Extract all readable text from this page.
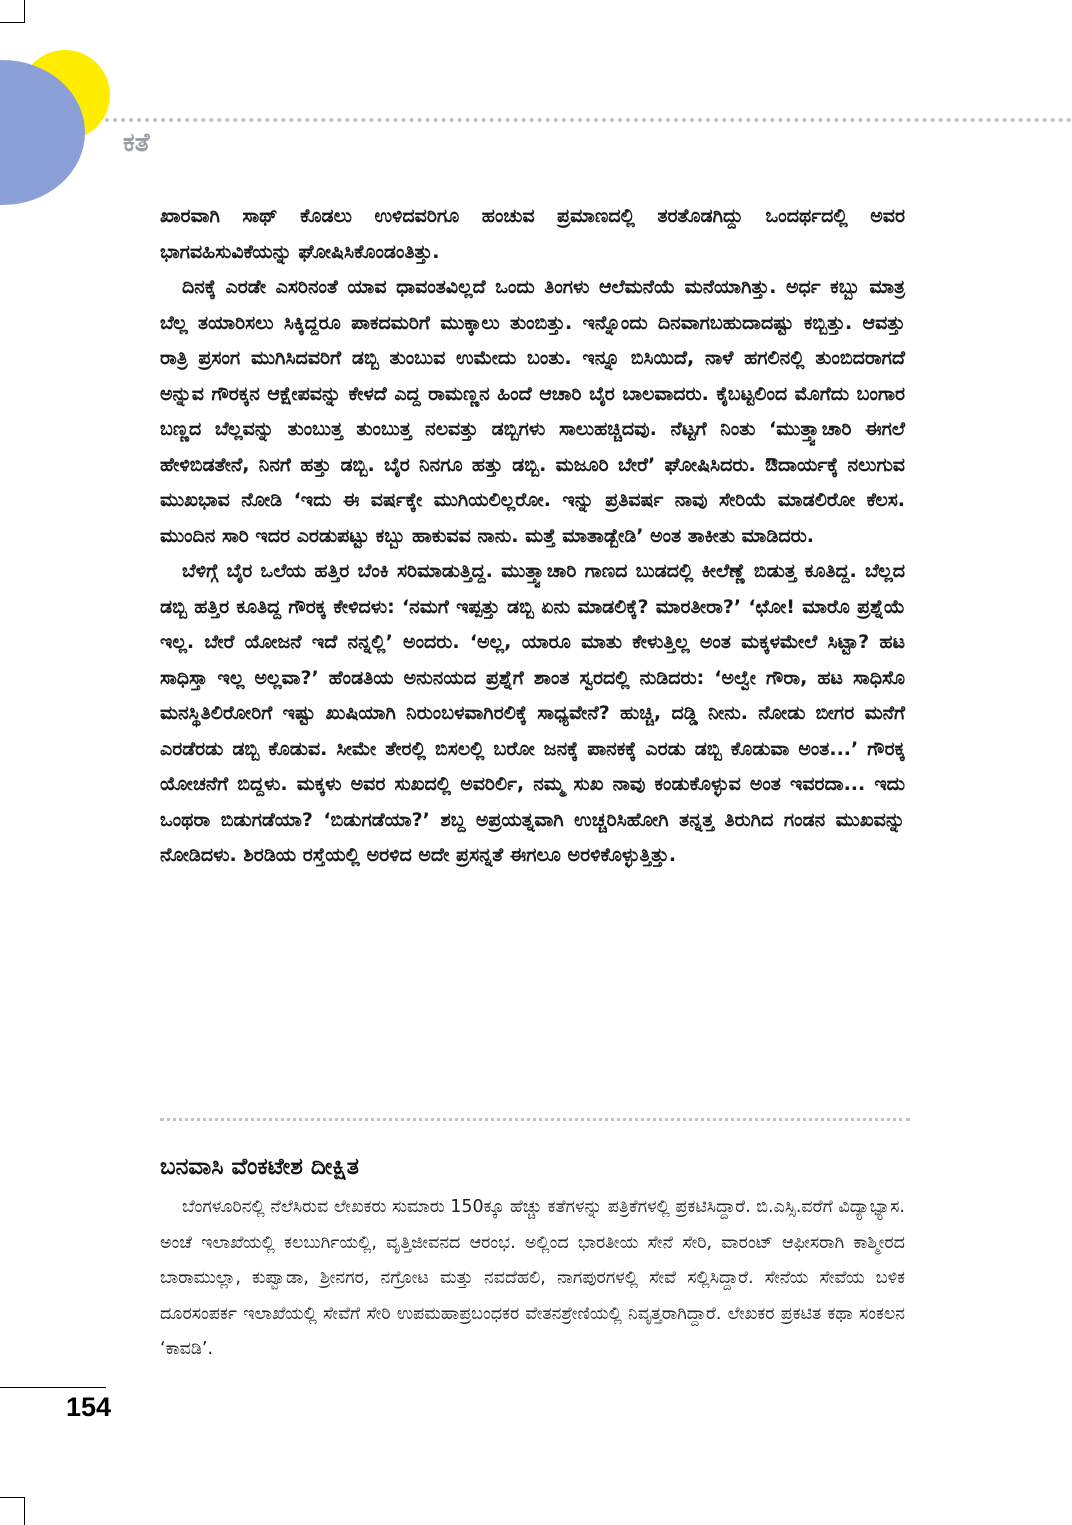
ಕತೆ

ಖಾರವಾಗಿ ಸಾಥ್ ಕೊಡಲು ಉಳಿದವರಿಗೂ ಹಂಚುವ ಪ್ರಮಾಣದಲ್ಲಿ ತರತೊಡಗಿದ್ದು ಒಂದರ್ಥದಲ್ಲಿ ಅವರ ಭಾಗವಹಿಸುವಿಕೆಯನ್ನು ಘೋಷಿಸಿಕೊಂಡಂತಿತ್ತು.

ದಿನಕ್ಕೆ ಎರಡೇ ಎಸರಿನಂತೆ ಯಾವ ಧಾವಂತವಿಲ್ಲದೆ ಒಂದು ತಿಂಗಳು ಆಲೆಮನೆಯೆ ಮನೆಯಾಗಿತ್ತು. ಅರ್ಧ ಕಬ್ಬು ಮಾತ್ರ ಬೆಲ್ಲ ತಯಾರಿಸಲು ಸಿಕ್ಕಿದ್ದರೂ ಪಾಕದಮರಿಗೆ ಮುಕ್ಕಾಲು ತುಂಬಿತ್ತು. ಇನ್ನೊಂದು ದಿನವಾಗಬಹುದಾದಷ್ಟು ಕಬ್ಬಿತ್ತು. ಆವತ್ತು ರಾತ್ರಿ ಪ್ರಸಂಗ ಮುಗಿಸಿದವರಿಗೆ ಡಬ್ಬಿ ತುಂಬುವ ಉಮೇದು ಬಂತು. ಇನ್ನೂ ಬಿಸಿಯಿದೆ, ನಾಳೆ ಹಗಲಿನಲ್ಲಿ ತುಂಬಿದರಾಗದೆ ಅನ್ನುವ ಗೌರಕ್ಕನ ಆಕ್ಷೇಪವನ್ನು ಕೇಳದೆ ಎದ್ದ ರಾಮಣ್ಣನ ಹಿಂದೆ ಆಚಾರಿ ಬೈರ ಬಾಲವಾದರು. ಕೈಬಟ್ಟಲಿಂದ ಮೊಗೆದು ಬಂಗಾರ ಬಣ್ಣದ ಬೆಲ್ಲವನ್ನು ತುಂಬುತ್ತ ತುಂಬುತ್ತ ನಲವತ್ತು ಡಬ್ಬಿಗಳು ಸಾಲುಹಚ್ಚಿದವು. ನೆಟ್ಟಗೆ ನಿಂತು ‘ಮುತ್ತ್ವಾಚಾರಿ ಈಗಲೆ ಹೇಳಿಬಿಡತೇನೆ, ನಿನಗೆ ಹತ್ತು ಡಬ್ಬಿ. ಬೈರ ನಿನಗೂ ಹತ್ತು ಡಬ್ಬಿ. ಮಜೂರಿ ಬೇರೆ’ ಘೋಷಿಸಿದರು. ಔದಾರ್ಯಕ್ಕೆ ನಲುಗುವ ಮುಖಭಾವ ನೋಡಿ ‘ಇದು ಈ ವರ್ಷಕ್ಕೇ ಮುಗಿಯಲಿಲ್ಲರೋ. ಇನ್ನು ಪ್ರತಿವರ್ಷ ನಾವು ಸೇರಿಯೆ ಮಾಡಲಿರೋ ಕೆಲಸ. ಮುಂದಿನ ಸಾರಿ ಇದರ ಎರಡುಪಟ್ಟು ಕಬ್ಬು ಹಾಕುವವ ನಾನು. ಮತ್ತೆ ಮಾತಾಡ್ಬೇಡಿ’ ಅಂತ ತಾಕೀತು ಮಾಡಿದರು.

ಬೆಳಿಗ್ಗೆ ಬೈರ ಒಲೆಯ ಹತ್ತಿರ ಬೆಂಕಿ ಸರಿಮಾಡುತ್ತಿದ್ದ. ಮುತ್ತ್ವಾಚಾರಿ ಗಾಣದ ಬುಡದಲ್ಲಿ ಕೀಲೆಣ್ಣೆ ಬಿಡುತ್ತ ಕೂತಿದ್ದ. ಬೆಲ್ಲದ ಡಬ್ಬಿ ಹತ್ತಿರ ಕೂತಿದ್ದ ಗೌರಕ್ಕ ಕೇಳಿದಳು: ‘ನಮಗೆ ಇಪ್ಪತ್ತು ಡಬ್ಬಿ ಏನು ಮಾಡಲಿಕ್ಕೆ? ಮಾರತೀರಾ?’ ‘ಛೋ! ಮಾರೊ ಪ್ರಶ್ನೆಯೆ ಇಲ್ಲ. ಬೇರೆ ಯೋಜನೆ ಇದೆ ನನ್ನಲ್ಲಿ’ ಅಂದರು. ‘ಅಲ್ಲ, ಯಾರೂ ಮಾತು ಕೇಳುತ್ತಿಲ್ಲ ಅಂತ ಮಕ್ಕಳಮೇಲೆ ಸಿಟ್ಟಾ? ಹಟ ಸಾಧಿಸ್ತಾ ಇಲ್ಲ ಅಲ್ಲವಾ?’ ಹೆಂಡತಿಯ ಅನುನಯದ ಪ್ರಶ್ನೆಗೆ ಶಾಂತ ಸ್ವರದಲ್ಲಿ ನುಡಿದರು: ‘ಅಲ್ವೇ ಗೌರಾ, ಹಟ ಸಾಧಿಸೊ ಮನಸ್ಥಿತಿಲಿರೋರಿಗೆ ಇಷ್ಟು ಖುಷಿಯಾಗಿ ನಿರುಂಬಳವಾಗಿರಲಿಕ್ಕೆ ಸಾಧ್ಯವೇನೆ? ಹುಚ್ಚಿ, ದಡ್ಡಿ ನೀನು. ನೋಡು ಬೀಗರ ಮನೆಗೆ ಎರಡೆರಡು ಡಬ್ಬಿ ಕೊಡುವ. ಸೀಮೇ ತೇರಲ್ಲಿ ಬಿಸಲಲ್ಲಿ ಬರೋ ಜನಕ್ಕೆ ಪಾನಕಕ್ಕೆ ಎರಡು ಡಬ್ಬಿ ಕೊಡುವಾ ಅಂತ...’ ಗೌರಕ್ಕ ಯೋಚನೆಗೆ ಬಿದ್ದಳು. ಮಕ್ಕಳು ಅವರ ಸುಖದಲ್ಲಿ ಅವರಿರ್ಲಿ, ನಮ್ಮ ಸುಖ ನಾವು ಕಂಡುಕೊಳ್ಳುವ ಅಂತ ಇವರದಾ... ಇದು ಒಂಥರಾ ಬಿಡುಗಡೆಯಾ? ‘ಬಿಡುಗಡೆಯಾ?’ ಶಬ್ದ ಅಪ್ರಯತ್ನವಾಗಿ ಉಚ್ಚರಿಸಿಹೋಗಿ ತನ್ನತ್ತ ತಿರುಗಿದ ಗಂಡನ ಮುಖವನ್ನು ನೋಡಿದಳು. ಶಿರಡಿಯ ರಸ್ತೆಯಲ್ಲಿ ಅರಳಿದ ಅದೇ ಪ್ರಸನ್ನತೆ ಈಗಲೂ ಅರಳಿಕೊಳ್ಳುತ್ತಿತ್ತು.

ಬನವಾಸಿ ವೆಂಕಟೇಶ ದೀಕ್ಷಿತ

ಬೆಂಗಳೂರಿನಲ್ಲಿ ನೆಲೆಸಿರುವ ಲೇಖಕರು ಸುಮಾರು 150ಕ್ಕೂ ಹೆಚ್ಚು ಕತೆಗಳನ್ನು ಪತ್ರಿಕೆಗಳಲ್ಲಿ ಪ್ರಕಟಿಸಿದ್ದಾರೆ. ಬಿ.ಎಸ್ಸಿ.ವರೆಗೆ ವಿದ್ಯಾಭ್ಯಾಸ. ಅಂಚೆ ಇಲಾಖೆಯಲ್ಲಿ ಕಲಬುರ್ಗಿಯಲ್ಲಿ, ವೃತ್ತಿಜೀವನದ ಆರಂಭ. ಅಲ್ಲಿಂದ ಭಾರತೀಯ ಸೇನೆ ಸೇರಿ, ವಾರಂಟ್ ಆಫೀಸರಾಗಿ ಕಾಶ್ಮೀರದ ಬಾರಾಮುಲ್ಲಾ, ಕುಪ್ವಾಡಾ, ಶ್ರೀನಗರ, ನಗ್ರೋಟ ಮತ್ತು ನವದೆಹಲಿ, ನಾಗಪುರಗಳಲ್ಲಿ ಸೇವೆ ಸಲ್ಲಿಸಿದ್ದಾರೆ. ಸೇನೆಯ ಸೇವೆಯ ಬಳಿಕ ದೂರಸಂಪರ್ಕ ಇಲಾಖೆಯಲ್ಲಿ ಸೇವೆಗೆ ಸೇರಿ ಉಪಮಹಾಪ್ರಬಂಧಕರ ವೇತನಶ್ರೇಣಿಯಲ್ಲಿ ನಿವೃತ್ತರಾಗಿದ್ದಾರೆ. ಲೇಖಕರ ಪ್ರಕಟಿತ ಕಥಾ ಸಂಕಲನ ‘ಕಾವಡಿ’.

154
